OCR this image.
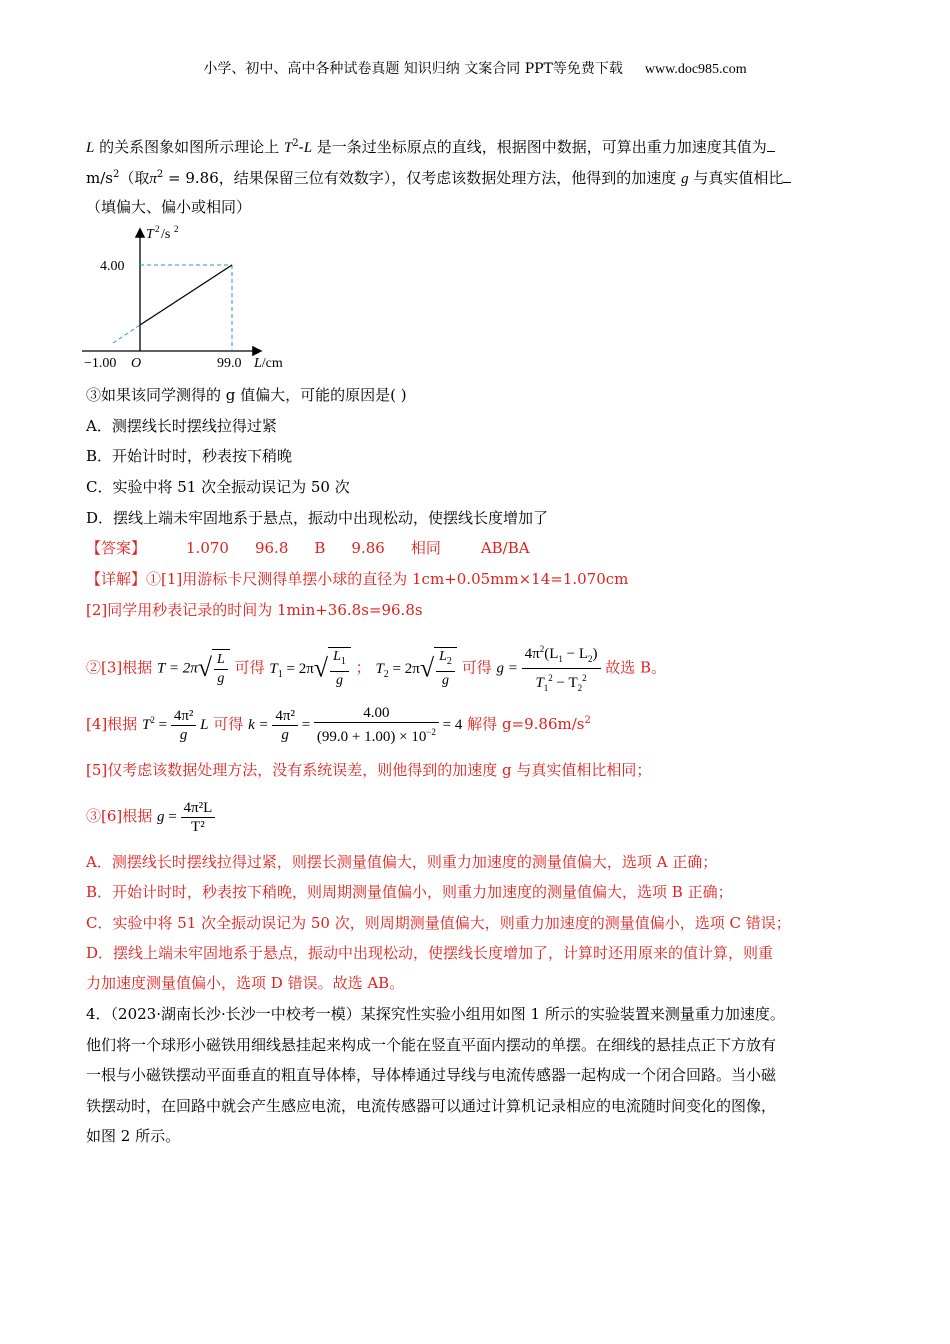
小学、初中、高中各种试卷真题 知识归纳 文案合同 PPT等免费下载 www.doc985.com
L 的关系图象如图所示理论上 $T^2-L$ 是一条过坐标原点的直线，根据图中数据，可算出重力加速度其值为
$m/s^2$（取$\pi^2 = 9.86$，结果保留三位有效数字），仅考虑该数据处理方法，他得到的加速度 g 与真实值相比
（填偏大、偏小或相同）
T 2 /s 2
4.00
−1.00 O	99.0 L/cm
③如果该同学测得的 g 值偏大，可能的原因是( )
A．测摆线长时摆线拉得过紧
B．开始计时时，秒表按下稍晚
C．实验中将 51 次全振动误记为 50 次
D．摆线上端未牢固地系于悬点，振动中出现松动，使摆线长度增加了
【答案】	1.070 96.8 B 9.86 相同	AB/BA
【详解】①[1]用游标卡尺测得单摆小球的直径为 1cm+0.05mm×14=1.070cm
[2]同学用秒表记录的时间为 1min+36.8s=96.8s
②[3]根据 $T = 2\pi√ \frac{L}{g}$ 可得 $T_1 = 2\pi√ \frac{L_1}{g}$ ； $T_2 = 2\pi√ \frac{L_2}{g}$ 可得 $g = \frac{4\pi^2(L_1 - L_2)}{T_1^2 - T_2^2}$ 故选 B。
[4]根据 $T^2 = \frac{\text{4π²}}{g}$ L 可得 $k = \frac{\text{4π²}}{g} = \frac{4.00}{(99.0 + 1.00) \times 10^{-2}} = 4$ 解得 $g=9.86m/s^2$
[5]仅考虑该数据处理方法，没有系统误差，则他得到的加速度 g 与真实值相比相同；
③[6]根据 $g = \frac{\text{4π²L}}{\text{T²}}$
A．测摆线长时摆线拉得过紧，则摆长测量值偏大，则重力加速度的测量值偏大，选项 A 正确；
B．开始计时时，秒表按下稍晚，则周期测量值偏小，则重力加速度的测量值偏大，选项 B 正确；
C．实验中将 51 次全振动误记为 50 次，则周期测量值偏大，则重力加速度的测量值偏小，选项 C 错误；
D．摆线上端未牢固地系于悬点，振动中出现松动，使摆线长度增加了，计算时还用原来的值计算，则重
力加速度测量值偏小，选项 D 错误。故选 AB。
4．（2023·湖南长沙·长沙一中校考一模）某探究性实验小组用如图 1 所示的实验装置来测量重力加速度。
他们将一个球形小磁铁用细线悬挂起来构成一个能在竖直平面内摆动的单摆。在细线的悬挂点正下方放有
一根与小磁铁摆动平面垂直的粗直导体棒，导体棒通过导线与电流传感器一起构成一个闭合回路。当小磁
铁摆动时，在回路中就会产生感应电流，电流传感器可以通过计算机记录相应的电流随时间变化的图像，
如图 2 所示。
